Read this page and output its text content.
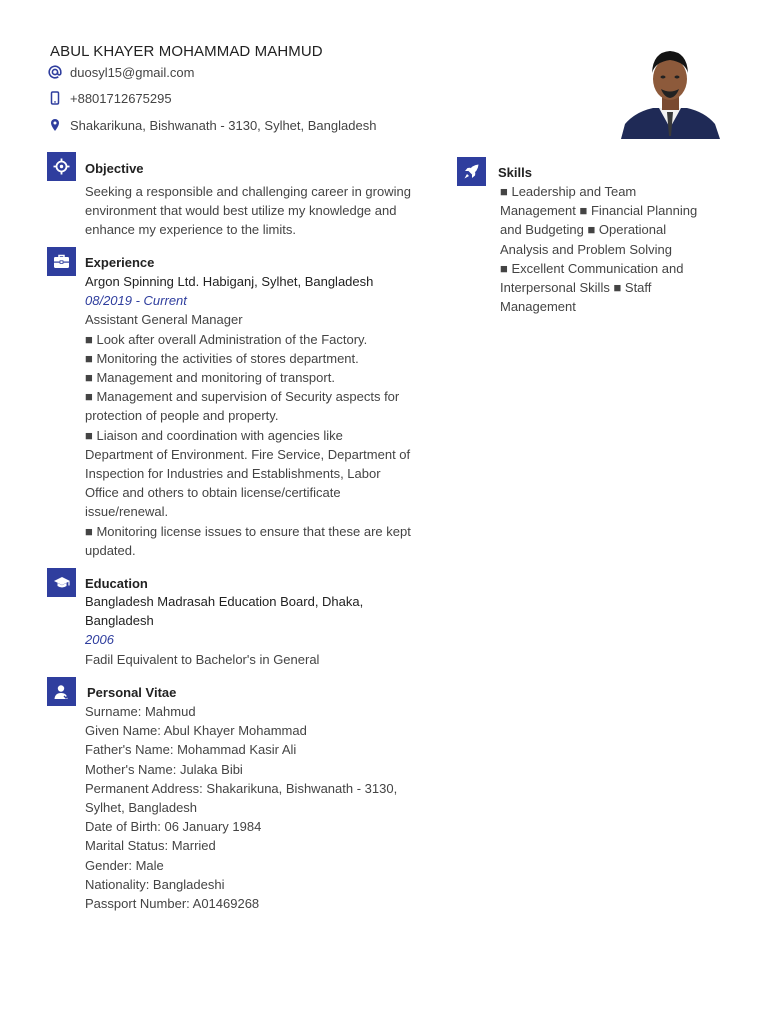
ABUL KHAYER MOHAMMAD MAHMUD
duosyl15@gmail.com
+8801712675295
Shakarikuna, Bishwanath - 3130, Sylhet, Bangladesh
Objective
Seeking a responsible and challenging career in growing
environment that would best utilize my knowledge and
enhance my experience to the limits.
Experience
Argon Spinning Ltd. Habiganj, Sylhet, Bangladesh
08/2019 - Current
Assistant General Manager
■ Look after overall Administration of the Factory.
■ Monitoring the activities of stores department.
■ Management and monitoring of transport.
■ Management and supervision of Security aspects for
protection of people and property.
■ Liaison and coordination with agencies like
Department of Environment. Fire Service, Department of
Inspection for Industries and Establishments, Labor
Office and others to obtain license/certificate
issue/renewal.
■ Monitoring license issues to ensure that these are kept
updated.
Education
Bangladesh Madrasah Education Board, Dhaka,
Bangladesh
2006
Fadil Equivalent to Bachelor's in General
Personal Vitae
Surname: Mahmud
Given Name: Abul Khayer Mohammad
Father's Name: Mohammad Kasir Ali
Mother's Name: Julaka Bibi
Permanent Address: Shakarikuna, Bishwanath - 3130,
Sylhet, Bangladesh
Date of Birth: 06 January 1984
Marital Status: Married
Gender: Male
Nationality: Bangladeshi
Passport Number: A01469268
Skills
■ Leadership and Team
Management ■ Financial Planning
and Budgeting ■ Operational
Analysis and Problem Solving
■ Excellent Communication and
Interpersonal Skills ■ Staff
Management
